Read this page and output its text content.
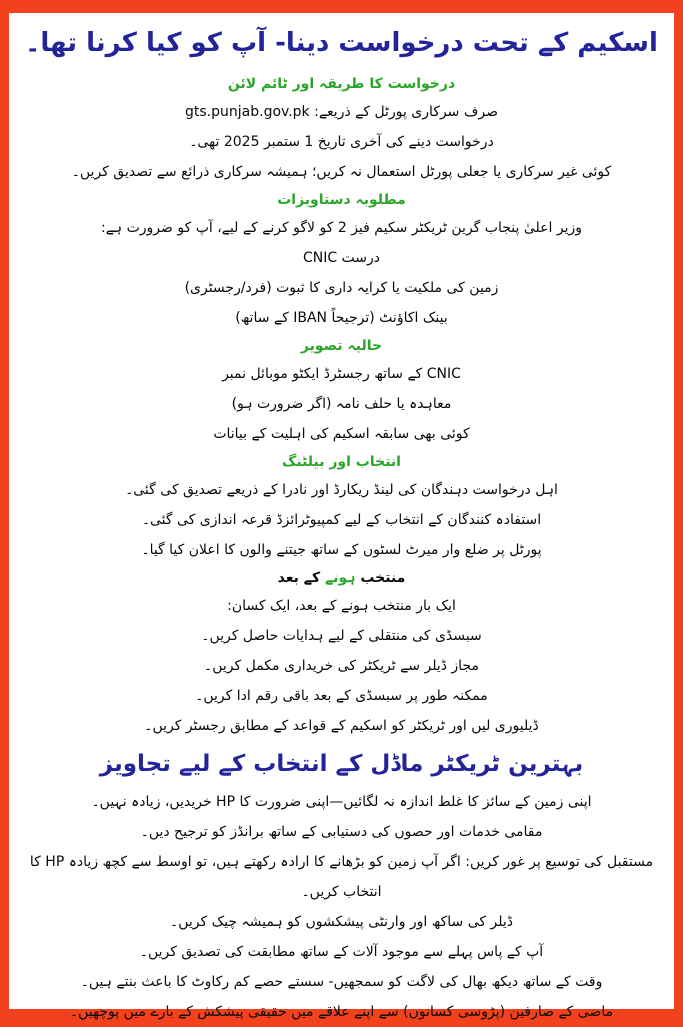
اسکیم کے تحت درخواست دینا- آپ کو کیا کرنا تھا۔
درخواست کا طریقہ اور ٹائم لائن

صرف سرکاری پورٹل کے ذریعے: gts.punjab.gov.pk

درخواست دینے کی آخری تاریخ 1 ستمبر 2025 تھی۔

کوئی غیر سرکاری یا جعلی پورٹل استعمال نہ کریں؛ ہمیشہ سرکاری ذرائع سے تصدیق کریں۔

مطلوبہ دستاویزات

وزیر اعلیٰ پنجاب گرین ٹریکٹر سکیم فیز 2 کو لاگو کرنے کے لیے، آپ کو ضرورت ہے:

درست CNIC

زمین کی ملکیت یا کرایہ داری کا ثبوت (فرد/رجسٹری)

بینک اکاؤنٹ (ترجیحاً IBAN کے ساتھ)

حالیہ تصویر

CNIC کے ساتھ رجسٹرڈ ایکٹو موبائل نمبر

معاہدہ یا حلف نامہ (اگر ضرورت ہو)

کوئی بھی سابقہ اسکیم کی اہلیت کے بیانات

انتخاب اور بیلٹنگ

اہل درخواست دہندگان کی لینڈ ریکارڈ اور نادرا کے ذریعے تصدیق کی گئی۔

استفادہ کنندگان کے انتخاب کے لیے کمپیوٹرائزڈ قرعہ اندازی کی گئی۔

پورٹل پر ضلع وار میرٹ لسٹوں کے ساتھ جیتنے والوں کا اعلان کیا گیا۔

منتخب ہونے کے بعد

ایک بار منتخب ہونے کے بعد، ایک کسان:

سبسڈی کی منتقلی کے لیے ہدایات حاصل کریں۔

مجاز ڈیلر سے ٹریکٹر کی خریداری مکمل کریں۔

ممکنہ طور پر سبسڈی کے بعد باقی رقم ادا کریں۔

ڈیلیوری لیں اور ٹریکٹر کو اسکیم کے قواعد کے مطابق رجسٹر کریں۔

بہترین ٹریکٹر ماڈل کے انتخاب کے لیے تجاویز

اپنی زمین کے سائز کا غلط اندازہ نہ لگائیں—اپنی ضرورت کا HP خریدیں، زیادہ نہیں۔

مقامی خدمات اور حصوں کی دستیابی کے ساتھ برانڈز کو ترجیح دیں۔

مستقبل کی توسیع پر غور کریں: اگر آپ زمین کو بڑھانے کا ارادہ رکھتے ہیں، تو اوسط سے کچھ زیادہ HP کا انتخاب کریں۔

ڈیلر کی ساکھ اور وارنٹی پیشکشوں کو ہمیشہ چیک کریں۔

آپ کے پاس پہلے سے موجود آلات کے ساتھ مطابقت کی تصدیق کریں۔

وقت کے ساتھ دیکھ بھال کی لاگت کو سمجھیں- سستے حصے کم رکاوٹ کا باعث بنتے ہیں۔

ماضی کے صارفین (پڑوسی کسانوں) سے اپنے علاقے میں حقیقی پیشکش کے بارے میں پوچھیں۔
